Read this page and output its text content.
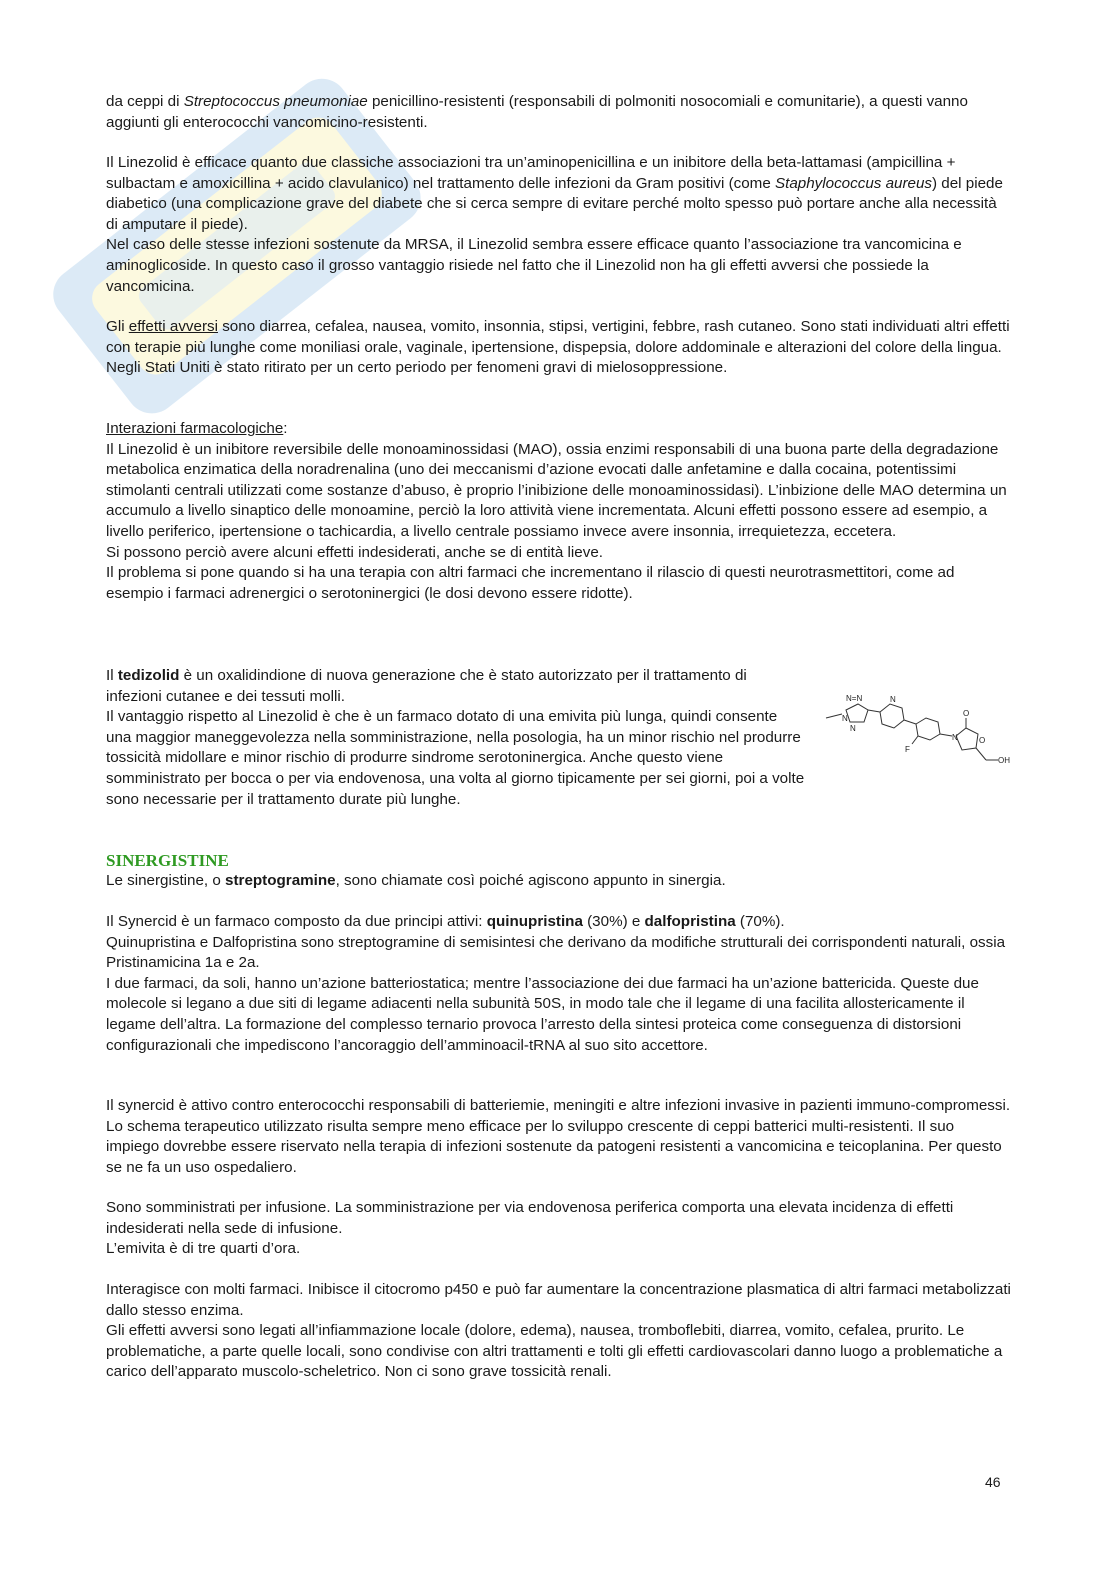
da ceppi di Streptococcus pneumoniae penicillino-resistenti (responsabili di polmoniti nosocomiali e comunitarie), a questi vanno aggiunti gli enterococchi vancomicino-resistenti.

Il Linezolid è efficace quanto due classiche associazioni tra un’aminopenicillina e un inibitore della beta-lattamasi (ampicillina + sulbactam e amoxicillina + acido clavulanico) nel trattamento delle infezioni da Gram positivi (come Staphylococcus aureus) del piede diabetico (una complicazione grave del diabete che si cerca sempre di evitare perché molto spesso può portare anche alla necessità di amputare il piede).

Nel caso delle stesse infezioni sostenute da MRSA, il Linezolid sembra essere efficace quanto l’associazione tra vancomicina e aminoglicoside. In questo caso il grosso vantaggio risiede nel fatto che il Linezolid non ha gli effetti avversi che possiede la vancomicina.

Gli effetti avversi sono diarrea, cefalea, nausea, vomito, insonnia, stipsi, vertigini, febbre, rash cutaneo. Sono stati individuati altri effetti con terapie più lunghe come moniliasi orale, vaginale, ipertensione, dispepsia, dolore addominale e alterazioni del colore della lingua.

Negli Stati Uniti è stato ritirato per un certo periodo per fenomeni gravi di mielosoppressione.

Interazioni farmacologiche:

Il Linezolid è un inibitore reversibile delle monoaminossidasi (MAO), ossia enzimi responsabili di una buona parte della degradazione metabolica enzimatica della noradrenalina (uno dei meccanismi d’azione evocati dalle anfetamine e dalla cocaina, potentissimi stimolanti centrali utilizzati come sostanze d’abuso, è proprio l’inibizione delle monoaminossidasi). L’inbizione delle MAO determina un accumulo a livello sinaptico delle monoamine, perciò la loro attività viene incrementata. Alcuni effetti possono essere ad esempio, a livello periferico, ipertensione o tachicardia, a livello centrale possiamo invece avere insonnia, irrequietezza, eccetera.

Si possono perciò avere alcuni effetti indesiderati, anche se di entità lieve.

Il problema si pone quando si ha una terapia con altri farmaci che incrementano il rilascio di questi neurotrasmettitori, come ad esempio i farmaci adrenergici o serotoninergici (le dosi devono essere ridotte).

Il tedizolid è un oxalidindione di nuova generazione che è stato autorizzato per il trattamento di infezioni cutanee e dei tessuti molli.

Il vantaggio rispetto al Linezolid è che è un farmaco dotato di una emivita più lunga, quindi consente una maggior maneggevolezza nella somministrazione, nella posologia, ha un minor rischio nel produrre tossicità midollare e minor rischio di produrre sindrome serotoninergica. Anche questo viene somministrato per bocca o per via endovenosa, una volta al giorno tipicamente per sei giorni, poi a volte sono necessarie per il trattamento durate più lunghe.

N=N
N
N
N
N
O
O
F
OH
SINERGISTINE

Le sinergistine, o streptogramine, sono chiamate così poiché agiscono appunto in sinergia.

Il Synercid è un farmaco composto da due principi attivi: quinupristina (30%) e dalfopristina (70%).

Quinupristina e Dalfopristina sono streptogramine di semisintesi che derivano da modifiche strutturali dei corrispondenti naturali, ossia Pristinamicina 1a e 2a.

I due farmaci, da soli, hanno un’azione batteriostatica; mentre l’associazione dei due farmaci ha un’azione battericida. Queste due molecole si legano a due siti di legame adiacenti nella subunità 50S, in modo tale che il legame di una facilita allostericamente il legame dell’altra. La formazione del complesso ternario provoca l’arresto della sintesi proteica come conseguenza di distorsioni configurazionali che impediscono l’ancoraggio dell’amminoacil-tRNA al suo sito accettore.

Il synercid è attivo contro enterococchi responsabili di batteriemie, meningiti e altre infezioni invasive in pazienti immuno-compromessi. Lo schema terapeutico utilizzato risulta sempre meno efficace per lo sviluppo crescente di ceppi batterici multi-resistenti. Il suo impiego dovrebbe essere riservato nella terapia di infezioni sostenute da patogeni resistenti a vancomicina e teicoplanina. Per questo se ne fa un uso ospedaliero.

Sono somministrati per infusione. La somministrazione per via endovenosa periferica comporta una elevata incidenza di effetti indesiderati nella sede di infusione.

L’emivita è di tre quarti d’ora.

Interagisce con molti farmaci. Inibisce il citocromo p450 e può far aumentare la concentrazione plasmatica di altri farmaci metabolizzati dallo stesso enzima.

Gli effetti avversi sono legati all’infiammazione locale (dolore, edema), nausea, tromboflebiti, diarrea, vomito, cefalea, prurito. Le problematiche, a parte quelle locali, sono condivise con altri trattamenti e tolti gli effetti cardiovascolari danno luogo a problematiche a carico dell’apparato muscolo-scheletrico. Non ci sono grave tossicità renali.

46
